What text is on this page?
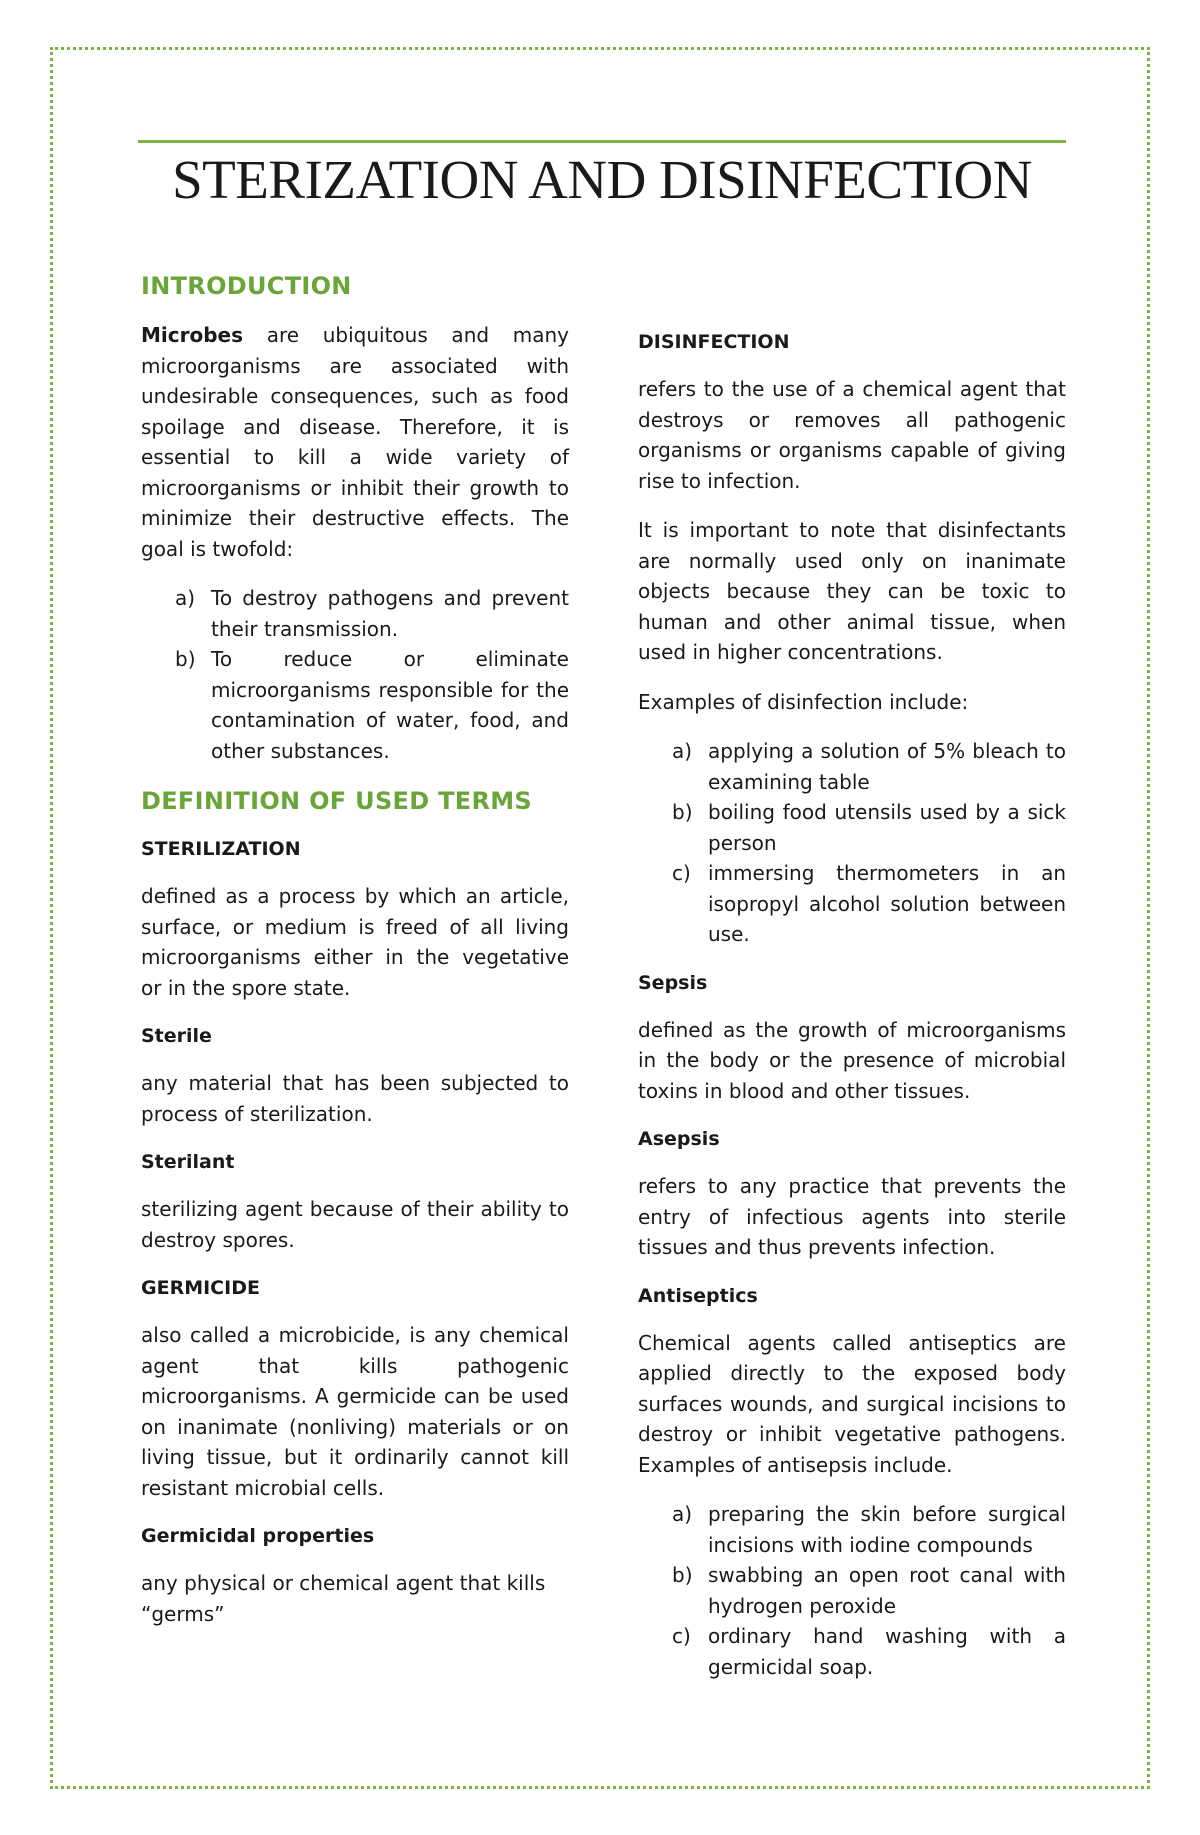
STERIZATION AND DISINFECTION
INTRODUCTION

Microbes are ubiquitous and many microorganisms are associated with undesirable consequences, such as food spoilage and disease. Therefore, it is essential to kill a wide variety of microorganisms or inhibit their growth to minimize their destructive effects. The goal is twofold:

a) To destroy pathogens and prevent their transmission.
b) To reduce or eliminate microorganisms responsible for the contamination of water, food, and other substances.
DEFINITION OF USED TERMS
STERILIZATION

defined as a process by which an article, surface, or medium is freed of all living microorganisms either in the vegetative or in the spore state.

Sterile

any material that has been subjected to process of sterilization.

Sterilant

sterilizing agent because of their ability to destroy spores.

GERMICIDE

also called a microbicide, is any chemical agent that kills pathogenic microorganisms. A germicide can be used on inanimate (nonliving) materials or on living tissue, but it ordinarily cannot kill resistant microbial cells.

Germicidal properties

any physical or chemical agent that kills “germs”

DISINFECTION

refers to the use of a chemical agent that destroys or removes all pathogenic organisms or organisms capable of giving rise to infection.

It is important to note that disinfectants are normally used only on inanimate objects because they can be toxic to human and other animal tissue, when used in higher concentrations.

Examples of disinfection include:

a) applying a solution of 5% bleach to examining table
b) boiling food utensils used by a sick person
c) immersing thermometers in an isopropyl alcohol solution between use.
Sepsis

defined as the growth of microorganisms in the body or the presence of microbial toxins in blood and other tissues.

Asepsis

refers to any practice that prevents the entry of infectious agents into sterile tissues and thus prevents infection.

Antiseptics

Chemical agents called antiseptics are applied directly to the exposed body surfaces wounds, and surgical incisions to destroy or inhibit vegetative pathogens. Examples of antisepsis include.

a) preparing the skin before surgical incisions with iodine compounds
b) swabbing an open root canal with hydrogen peroxide
c) ordinary hand washing with a germicidal soap.
